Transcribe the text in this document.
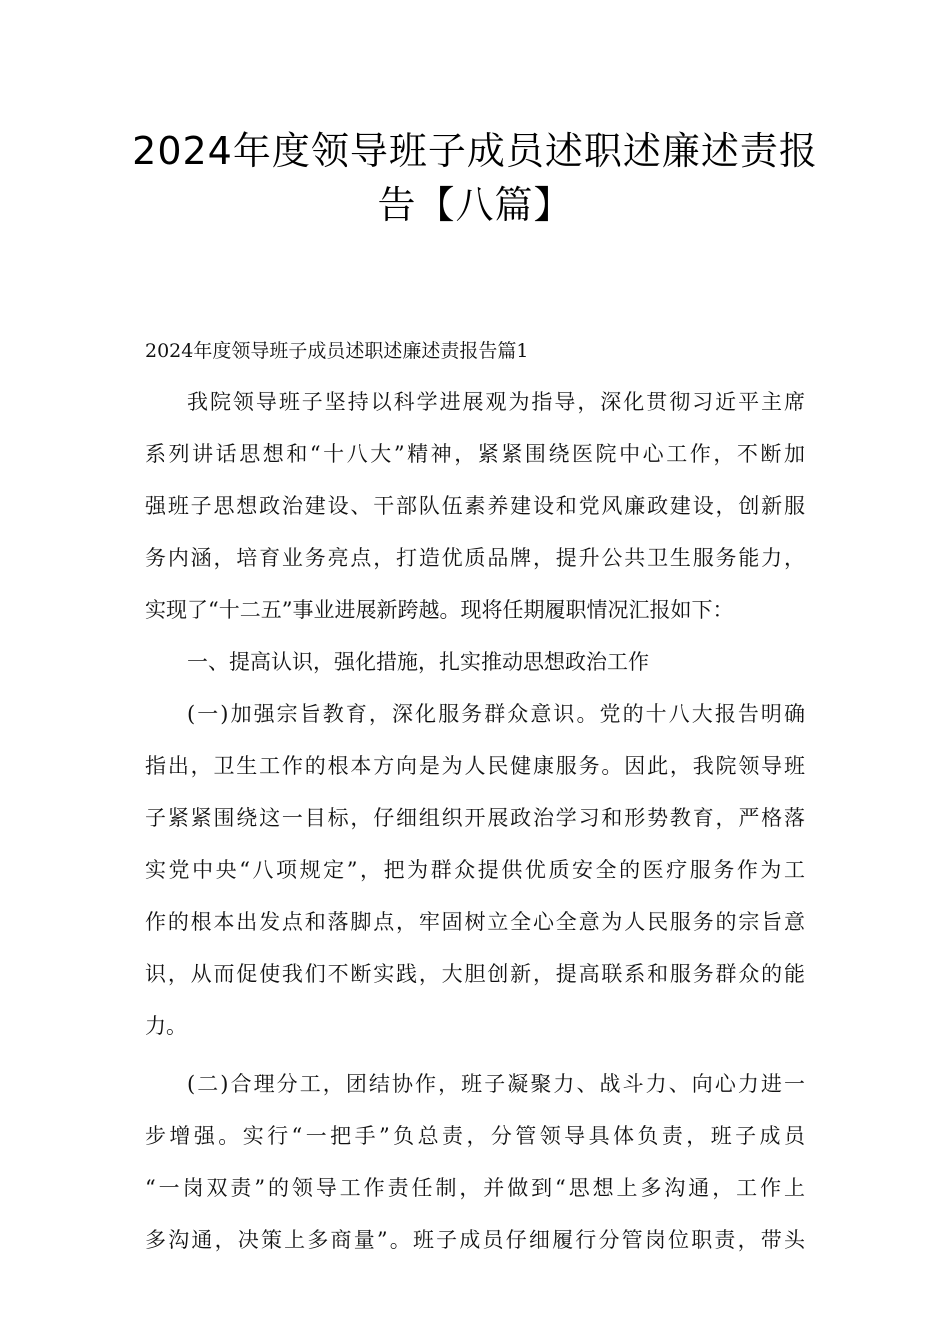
2024年度领导班子成员述职述廉述责报
告【八篇】
2024年度领导班子成员述职述廉述责报告篇1

我院领导班子坚持以科学进展观为指导，深化贯彻习近平主席
系列讲话思想和“十八大”精神，紧紧围绕医院中心工作，不断加
强班子思想政治建设、干部队伍素养建设和党风廉政建设，创新服
务内涵，培育业务亮点，打造优质品牌，提升公共卫生服务能力，
实现了“十二五”事业进展新跨越。现将任期履职情况汇报如下：

一、提高认识，强化措施，扎实推动思想政治工作

(一)加强宗旨教育，深化服务群众意识。党的十八大报告明确
指出，卫生工作的根本方向是为人民健康服务。因此，我院领导班
子紧紧围绕这一目标，仔细组织开展政治学习和形势教育，严格落
实党中央“八项规定”，把为群众提供优质安全的医疗服务作为工
作的根本出发点和落脚点，牢固树立全心全意为人民服务的宗旨意
识，从而促使我们不断实践，大胆创新，提高联系和服务群众的能
力。

(二)合理分工，团结协作，班子凝聚力、战斗力、向心力进一
步增强。实行“一把手”负总责，分管领导具体负责，班子成员
“一岗双责”的领导工作责任制，并做到“思想上多沟通，工作上
多沟通，决策上多商量”。班子成员仔细履行分管岗位职责，带头
